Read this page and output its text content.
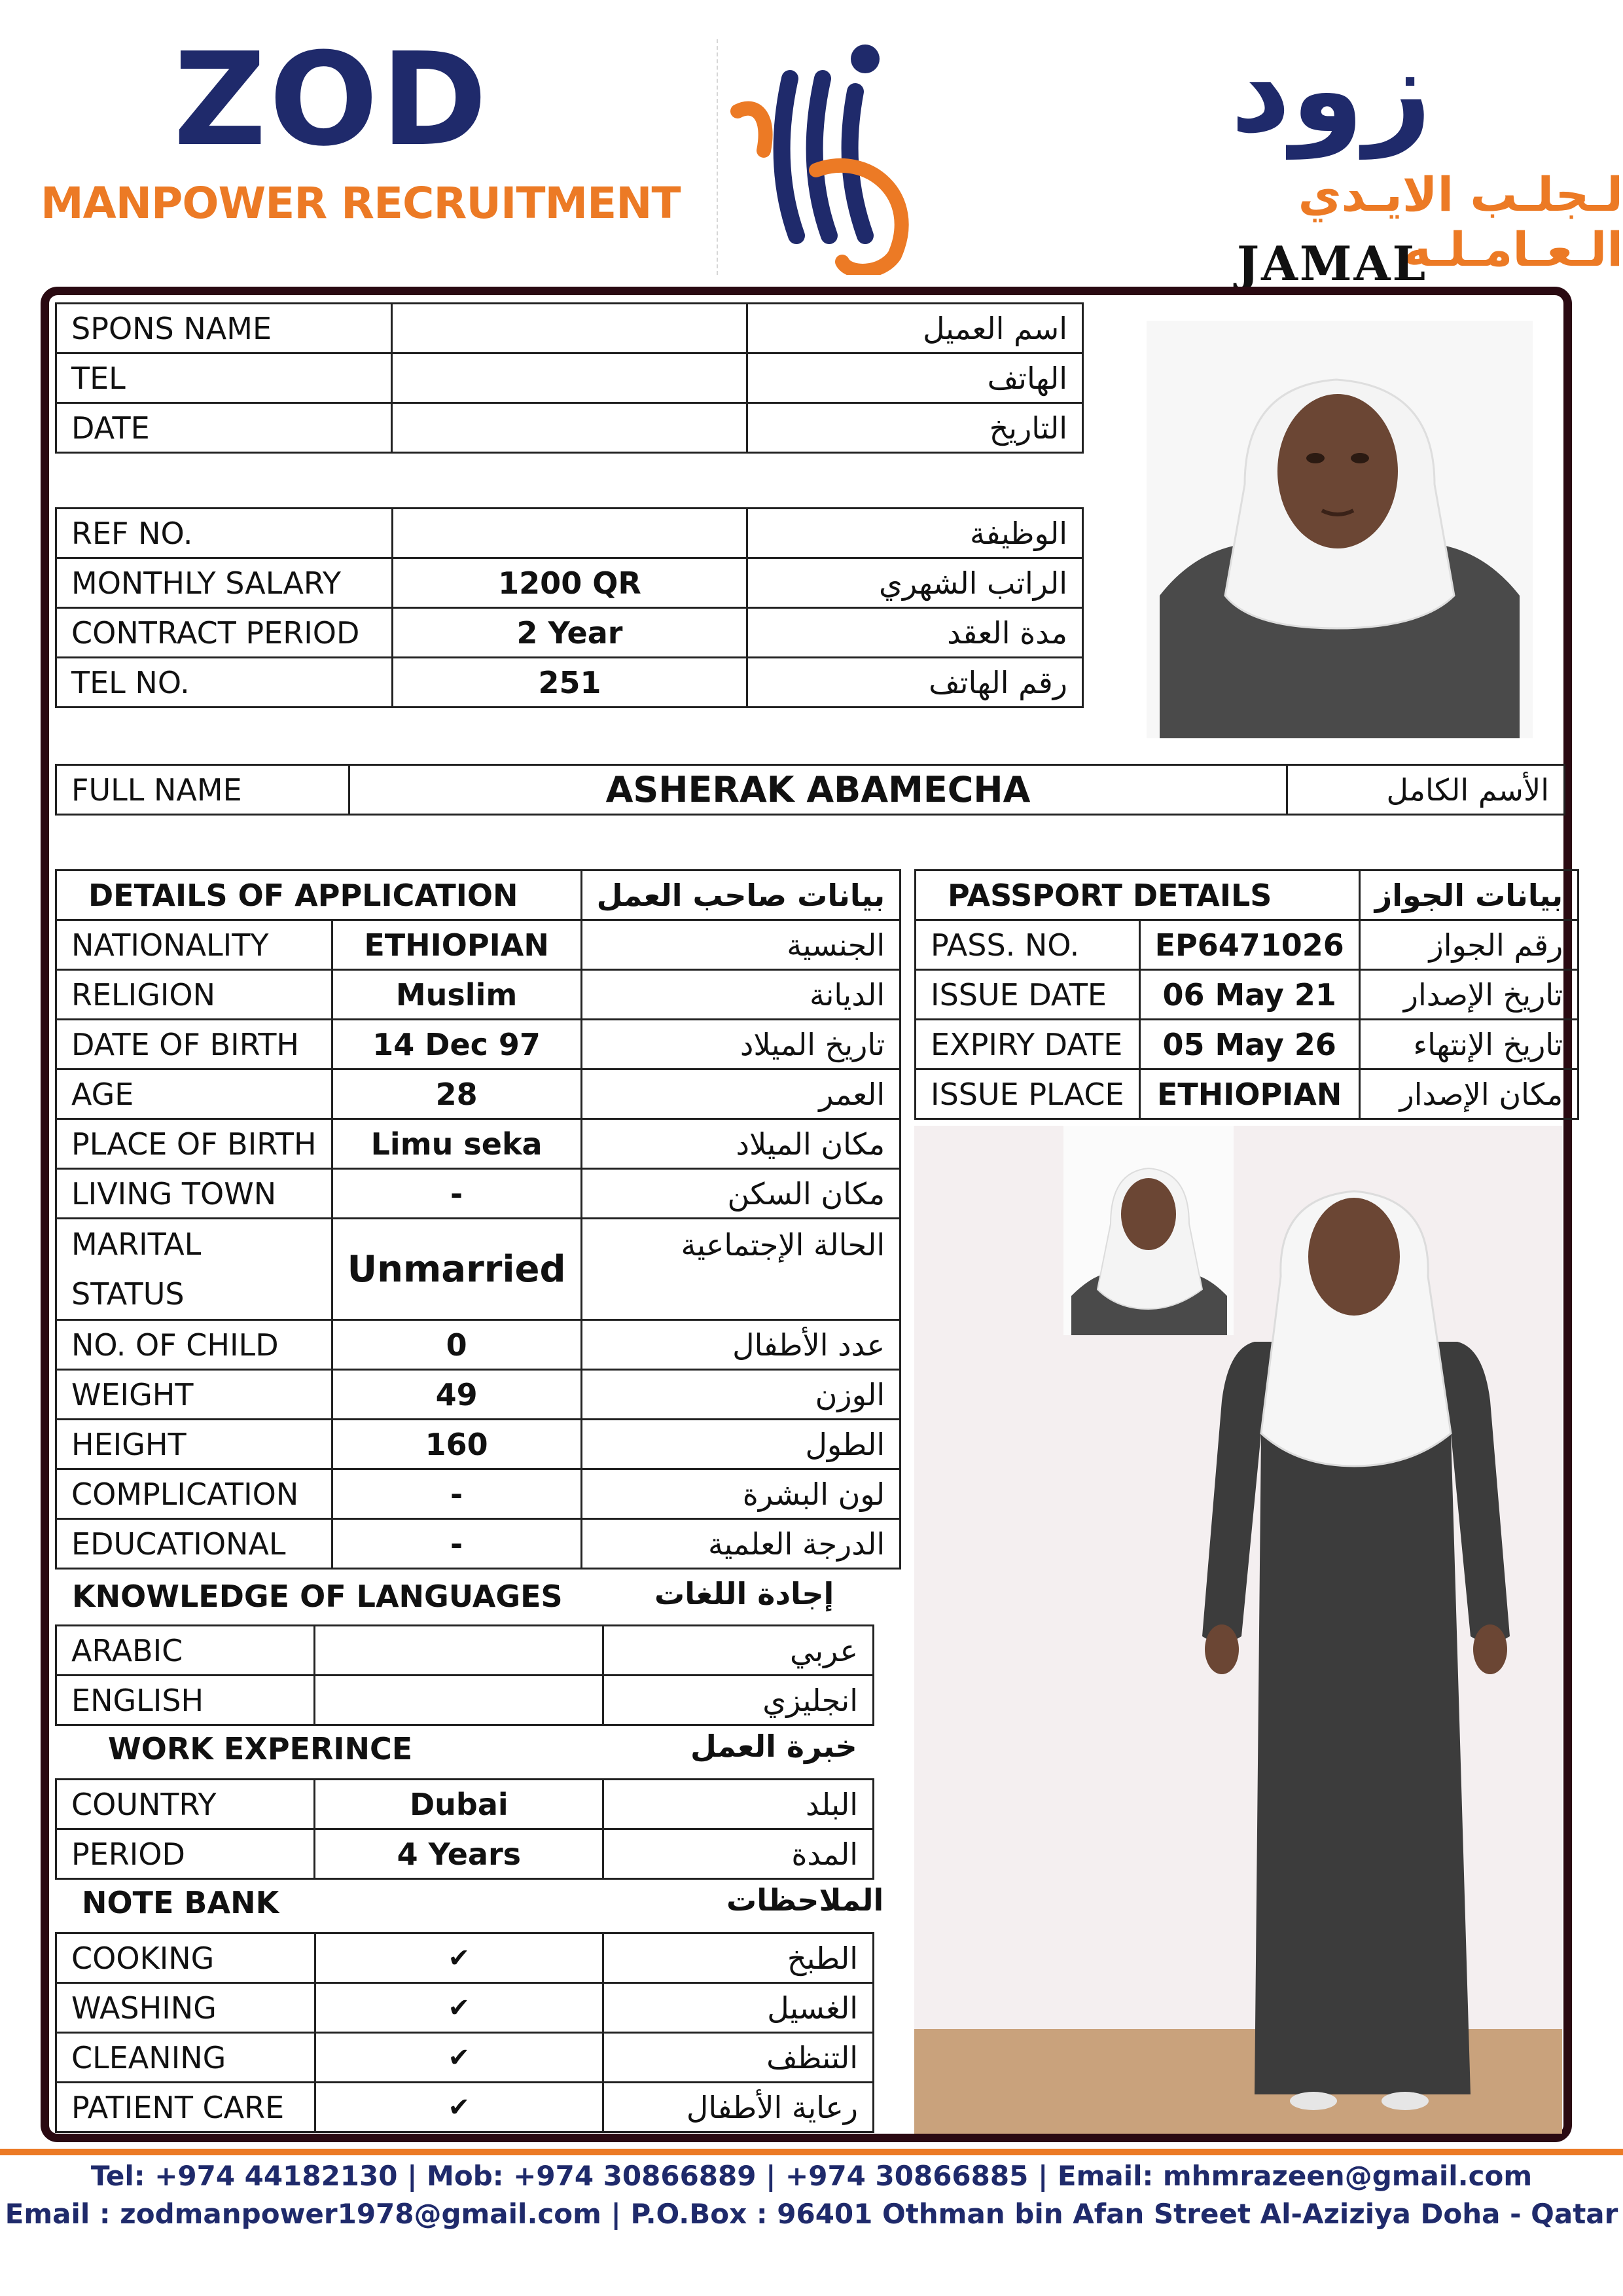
ZOD
MANPOWER RECRUITMENT
زود
لـجلـب الايـدي الـعـامـلـه
JAMAL
SPONS NAME		اسم العميل
TEL		الهاتف
DATE		التاريخ
REF NO.		الوظيفة
MONTHLY SALARY	1200 QR	الراتب الشهري
CONTRACT PERIOD	2 Year	مدة العقد
TEL NO.	251	رقم الهاتف
FULL NAME	ASHERAK ABAMECHA	الأسم الكامل
DETAILS OF APPLICATION		بيانات صاحب العمل
NATIONALITY	ETHIOPIAN	الجنسية
RELIGION	Muslim	الديانة
DATE OF BIRTH	14 Dec 97	تاريخ الميلاد
AGE	28	العمر
PLACE OF BIRTH	Limu seka	مكان الميلاد
LIVING TOWN	-	مكان السكن
MARITAL
STATUS	Unmarried	الحالة الإجتماعية
NO. OF CHILD	0	عدد الأطفال
WEIGHT	49	الوزن
HEIGHT	160	الطول
COMPLICATION	-	لون البشرة
EDUCATIONAL	-	الدرجة العلمية
KNOWLEDGE OF LANGUAGES	إجادة اللغات
ARABIC		عربي
ENGLISH		انجليزي
WORK EXPERINCE	خبرة العمل
COUNTRY	Dubai	البلد
PERIOD	4 Years	المدة
NOTE BANK	الملاحظات
COOKING	✔	الطبخ
WASHING	✔	الغسيل
CLEANING	✔	التنظف
PATIENT CARE	✔	رعاية الأطفال
PASSPORT DETAILS		بيانات الجواز
PASS. NO.	EP6471026	رقم الجواز
ISSUE DATE	06 May 21	تاريخ الإصدار
EXPIRY DATE	05 May 26	تاريخ الإنتهاء
ISSUE PLACE	ETHIOPIAN	مكان الإصدار
Tel: +974 44182130 | Mob: +974 30866889 | +974 30866885 | Email: mhmrazeen@gmail.com
Email : zodmanpower1978@gmail.com | P.O.Box : 96401 Othman bin Afan Street Al-Aziziya Doha - Qatar
